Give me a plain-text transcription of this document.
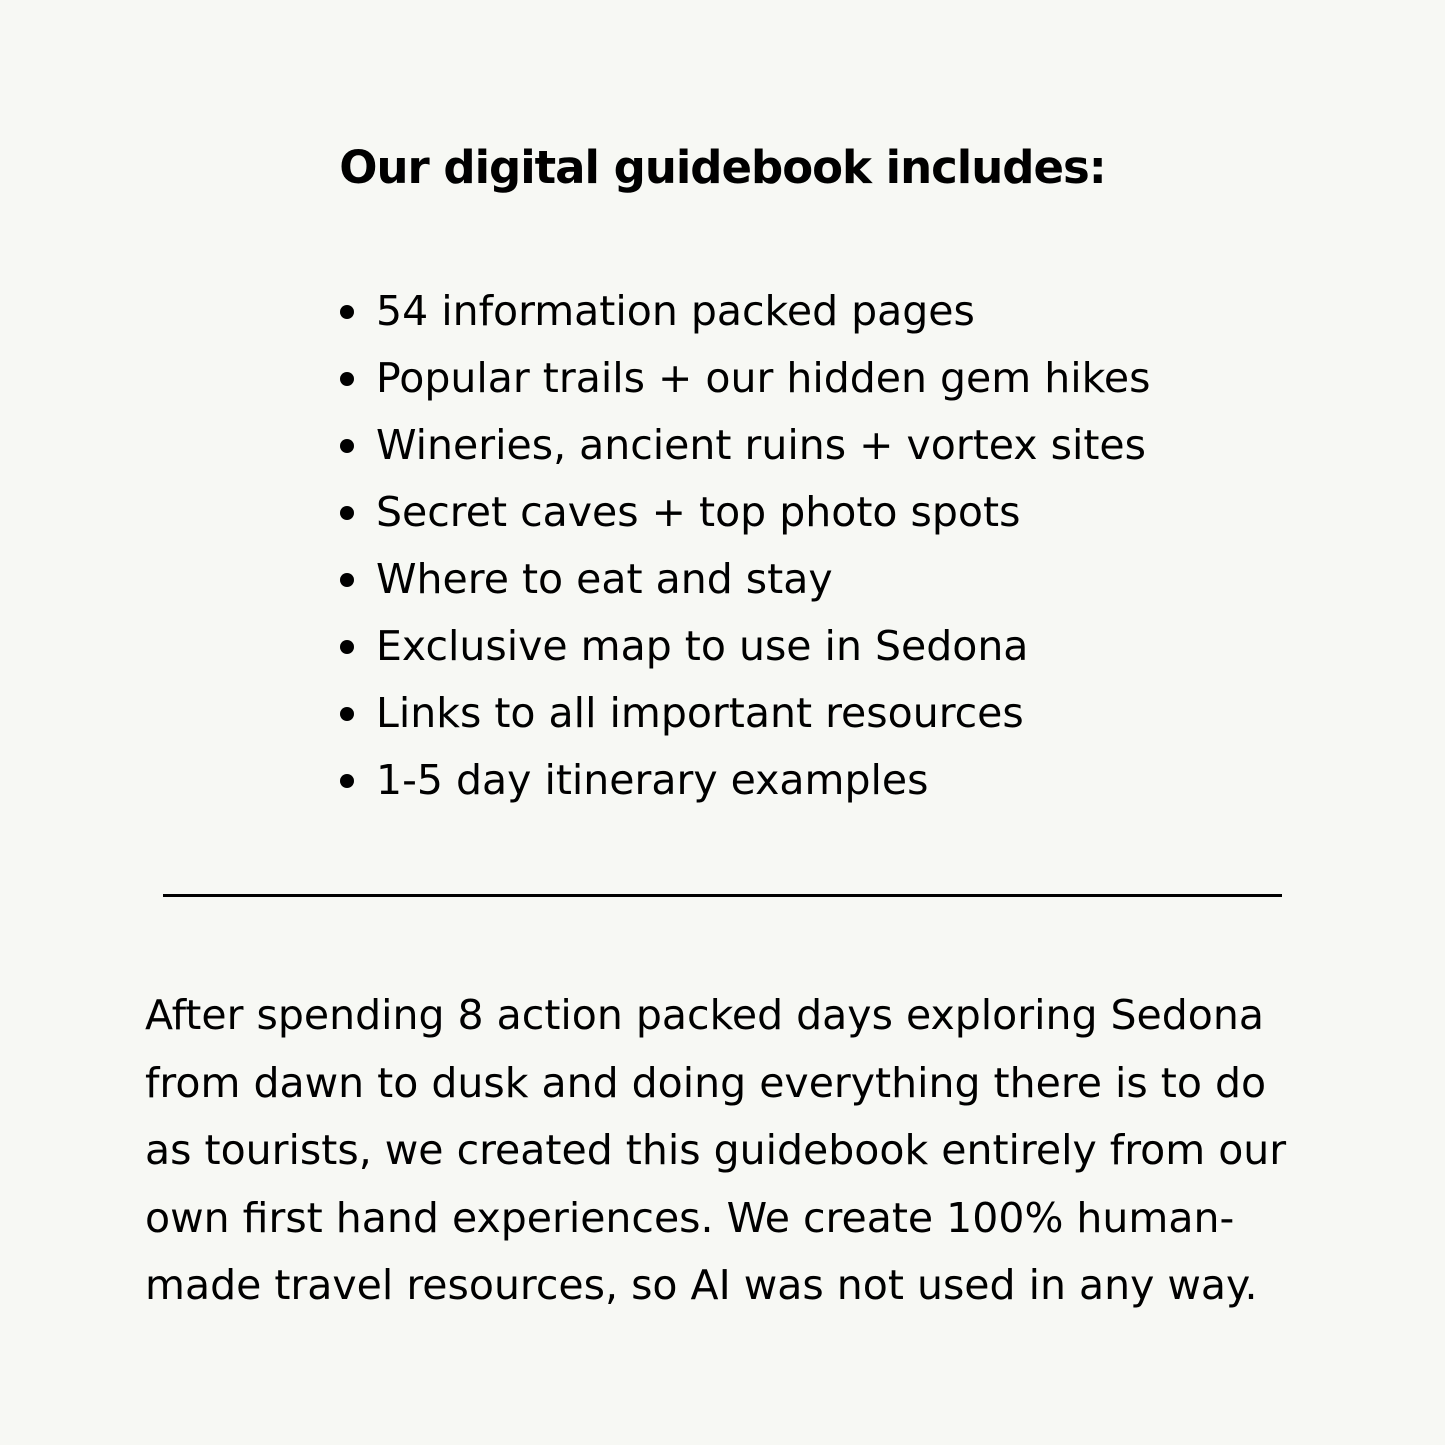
Our digital guidebook includes:
54 information packed pages
Popular trails + our hidden gem hikes
Wineries, ancient ruins + vortex sites
Secret caves + top photo spots
Where to eat and stay
Exclusive map to use in Sedona
Links to all important resources
1-5 day itinerary examples

After spending 8 action packed days exploring Sedona
from dawn to dusk and doing everything there is to do
as tourists, we created this guidebook entirely from our
own first hand experiences. We create 100% human-
made travel resources, so AI was not used in any way.
